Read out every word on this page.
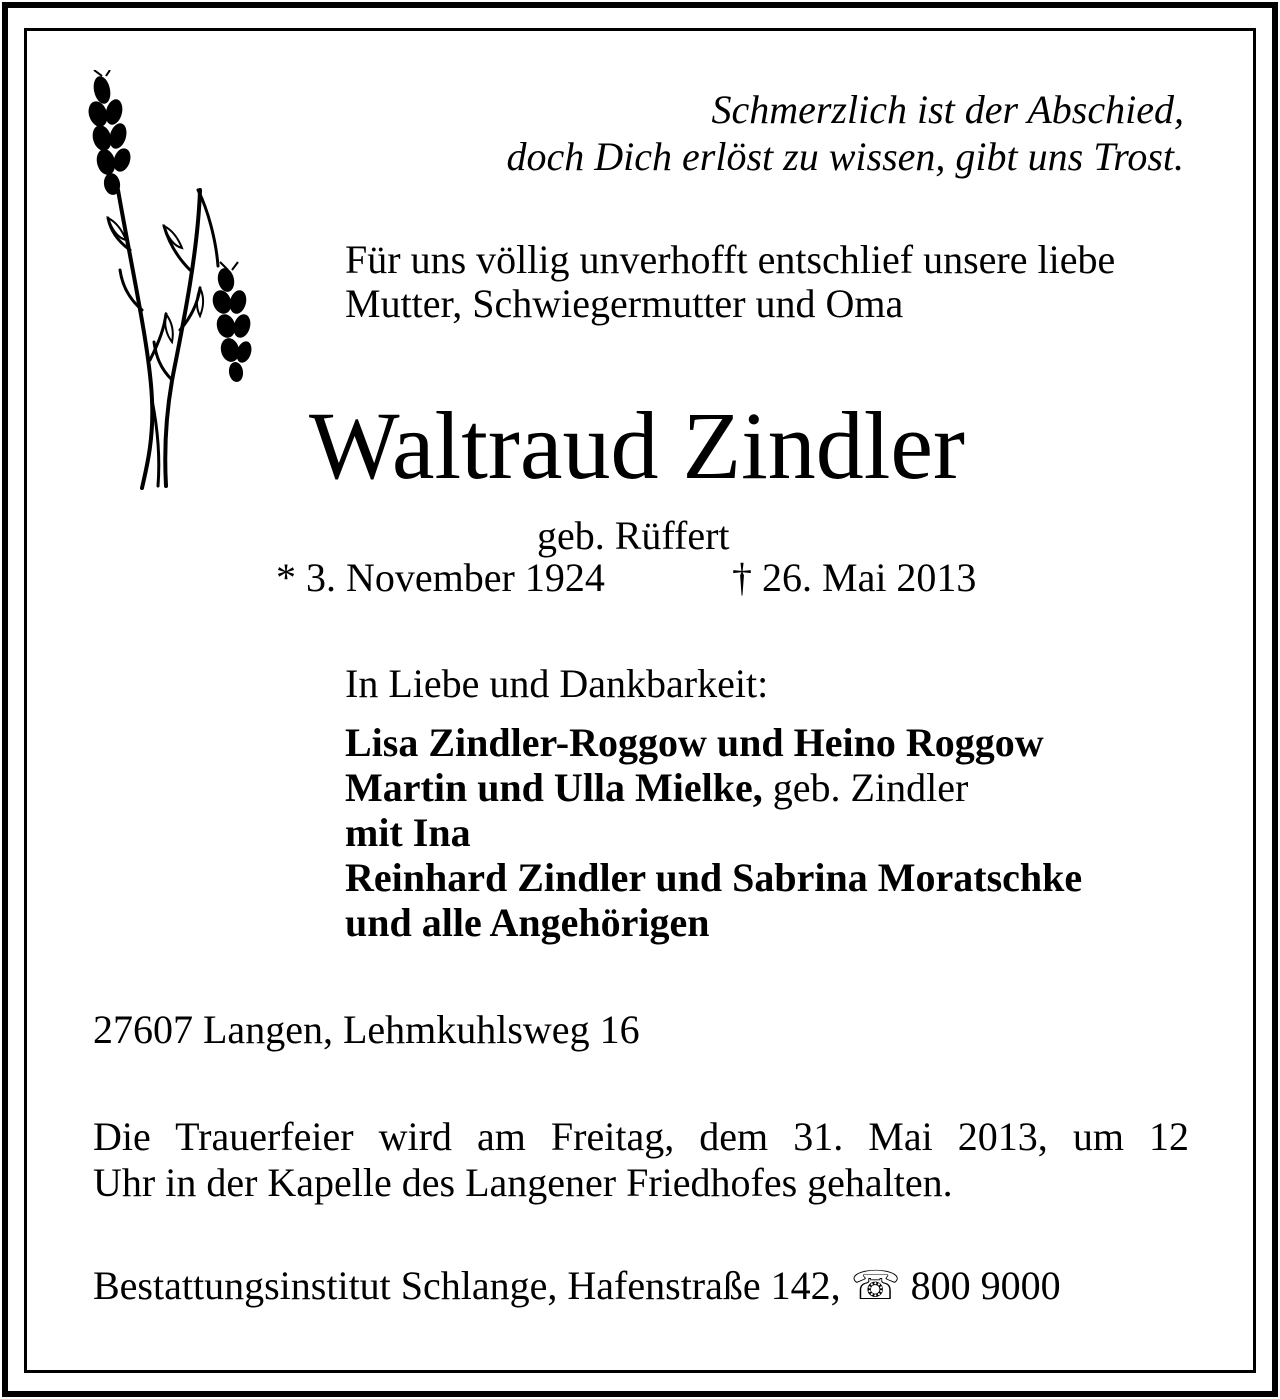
Schmerzlich ist der Abschied,
doch Dich erlöst zu wissen, gibt uns Trost.
Für uns völlig unverhofft entschlief unsere liebe
Mutter, Schwiegermutter und Oma
Waltraud Zindler
geb. Rüffert
* 3. November 1924	† 26. Mai 2013
In Liebe und Dankbarkeit:
Lisa Zindler-Roggow und Heino Roggow
Martin und Ulla Mielke, geb. Zindler
mit Ina
Reinhard Zindler und Sabrina Moratschke
und alle Angehörigen
27607 Langen, Lehmkuhlsweg 16
Die Trauerfeier wird am Freitag, dem 31. Mai 2013, um 12
Uhr in der Kapelle des Langener Friedhofes gehalten.
Bestattungsinstitut Schlange, Hafenstraße 142, ☏ 800 9000
